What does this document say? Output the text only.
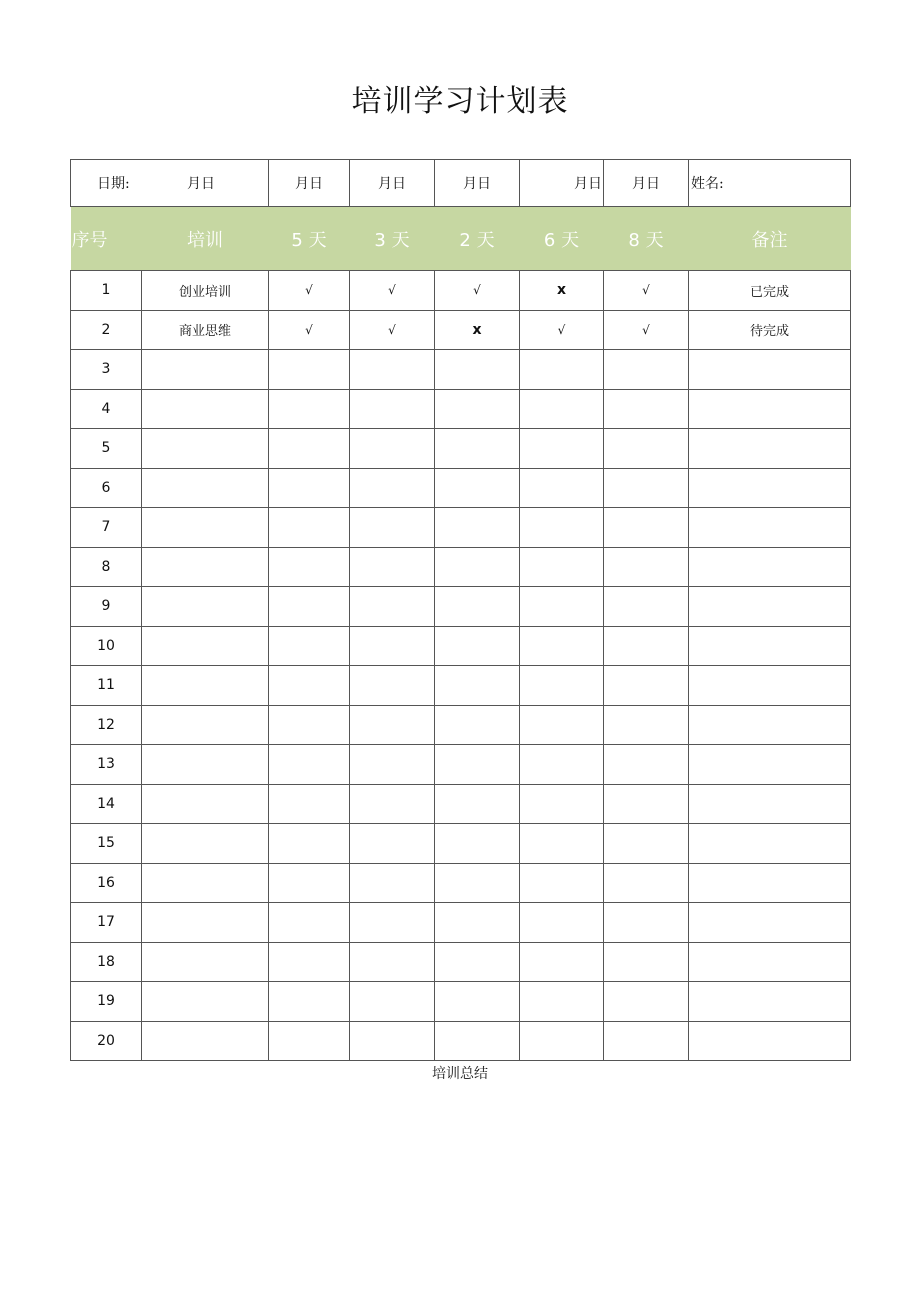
培训学习计划表
日期: 月日		月日	月日	月日	月日	月日	姓名:
序号	培训	5 天	3 天	2 天	6 天	8 天	备注
1	创业培训	√	√	√	x	√	已完成
2	商业思维	√	√	x	√	√	待完成
3							
4							
5							
6							
7							
8							
9							
10							
11							
12							
13							
14							
15							
16							
17							
18							
19							
20							
培训总结
